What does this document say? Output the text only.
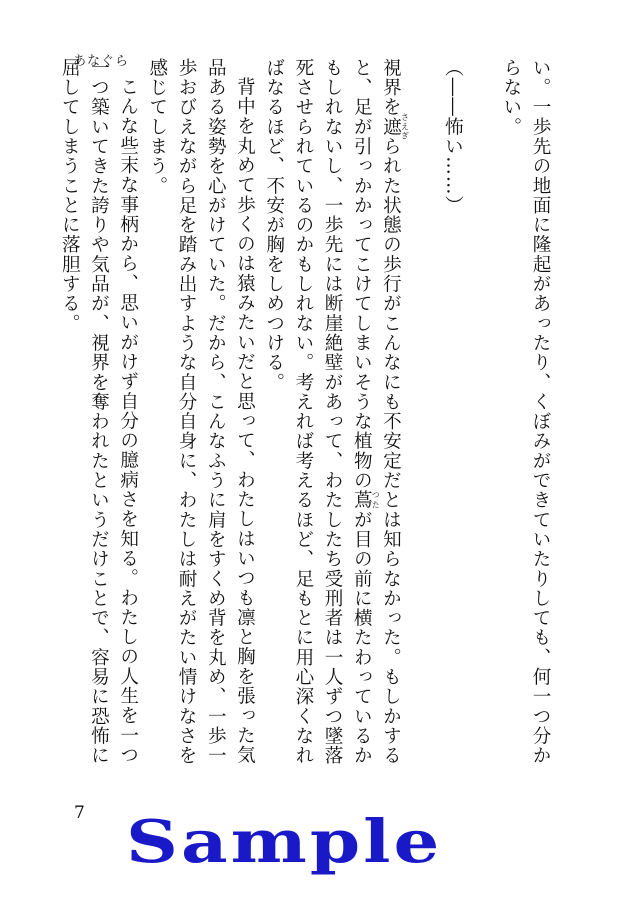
あなぐら	い。一歩先の地面に隆起があったり、くぼみができていたりしても、何一つ分からない。

（――怖い……）

視界を遮 さえぎられた状態の歩行がこんなにも不安定だとは知らなかった。もしかすると、足が引っかかってこけてしまいそうな植物の蔦 つたが目の前に横たわっているかもしれないし、一歩先には断崖絶壁があって、わたしたち受刑者は一人ずつ墜落死させられているのかもしれない。考えれば考えるほど、足もとに用心深くなればなるほど、不安が胸をしめつける。

背中を丸めて歩くのは猿みたいだと思って、わたしはいつも凛と胸を張った気品ある姿勢を心がけていた。だから、こんなふうに肩をすくめ背を丸め、一歩一歩おびえながら足を踏み出すような自分自身に、わたしは耐えがたい情けなさを感じてしまう。

こんな些末な事柄から、思いがけず自分の臆病さを知る。わたしの人生を一つ一つ築いてきた誇りや気品が、視界を奪われたというだけことで、容易に恐怖に屈してしまうことに落胆する。

7 Sample
